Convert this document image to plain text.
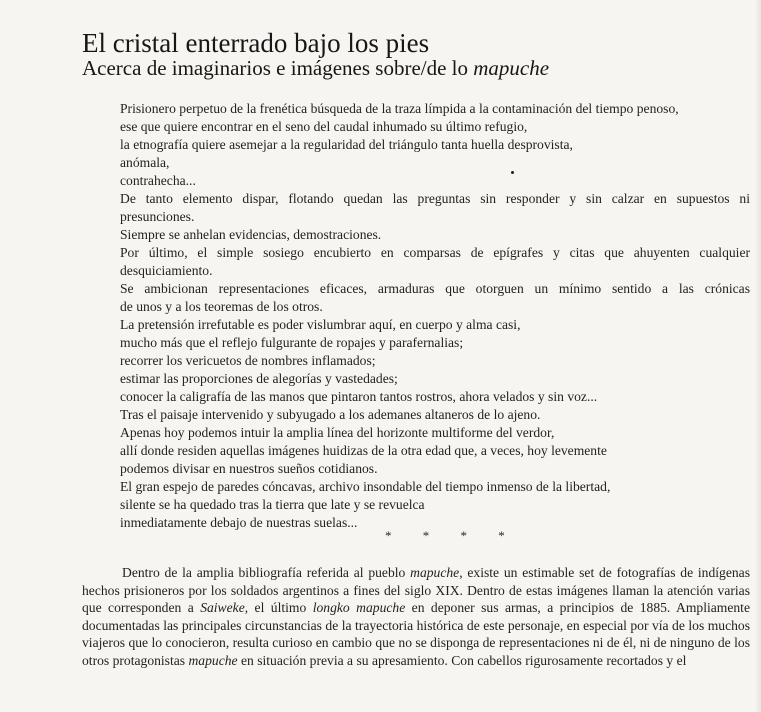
El cristal enterrado bajo los pies
Acerca de imaginarios e imágenes sobre/de lo mapuche
Prisionero perpetuo de la frenética búsqueda de la traza límpida a la contaminación del tiempo penoso,
ese que quiere encontrar en el seno del caudal inhumado su último refugio,
la etnografía quiere asemejar a la regularidad del triángulo tanta huella desprovista,
anómala,
contrahecha...
De tanto elemento dispar, flotando quedan las preguntas sin responder y sin calzar en supuestos ni
presunciones.
Siempre se anhelan evidencias, demostraciones.
Por último, el simple sosiego encubierto en comparsas de epígrafes y citas que ahuyenten cualquier
desquiciamiento.
Se ambicionan representaciones eficaces, armaduras que otorguen un mínimo sentido a las crónicas
de unos y a los teoremas de los otros.
La pretensión irrefutable es poder vislumbrar aquí, en cuerpo y alma casi,
mucho más que el reflejo fulgurante de ropajes y parafernalias;
recorrer los vericuetos de nombres inflamados;
estimar las proporciones de alegorías y vastedades;
conocer la caligrafía de las manos que pintaron tantos rostros, ahora velados y sin voz...
Tras el paisaje intervenido y subyugado a los ademanes altaneros de lo ajeno.
Apenas hoy podemos intuir la amplia línea del horizonte multiforme del verdor,
allí donde residen aquellas imágenes huidizas de la otra edad que, a veces, hoy levemente
podemos divisar en nuestros sueños cotidianos.
El gran espejo de paredes cóncavas, archivo insondable del tiempo inmenso de la libertad,
silente se ha quedado tras la tierra que late y se revuelca
inmediatamente debajo de nuestras suelas...
* * * *

Dentro de la amplia bibliografía referida al pueblo mapuche, existe un estimable set de fotografías de indígenas hechos prisioneros por los soldados argentinos a fines del siglo XIX. Dentro de estas imágenes llaman la atención varias que corresponden a Saiweke, el último longko mapuche en deponer sus armas, a principios de 1885. Ampliamente documentadas las principales circunstancias de la trayectoria histórica de este personaje, en especial por vía de los muchos viajeros que lo conocieron, resulta curioso en cambio que no se disponga de representaciones ni de él, ni de ninguno de los otros protagonistas mapuche en situación previa a su apresamiento. Con cabellos rigurosamente recortados y el
